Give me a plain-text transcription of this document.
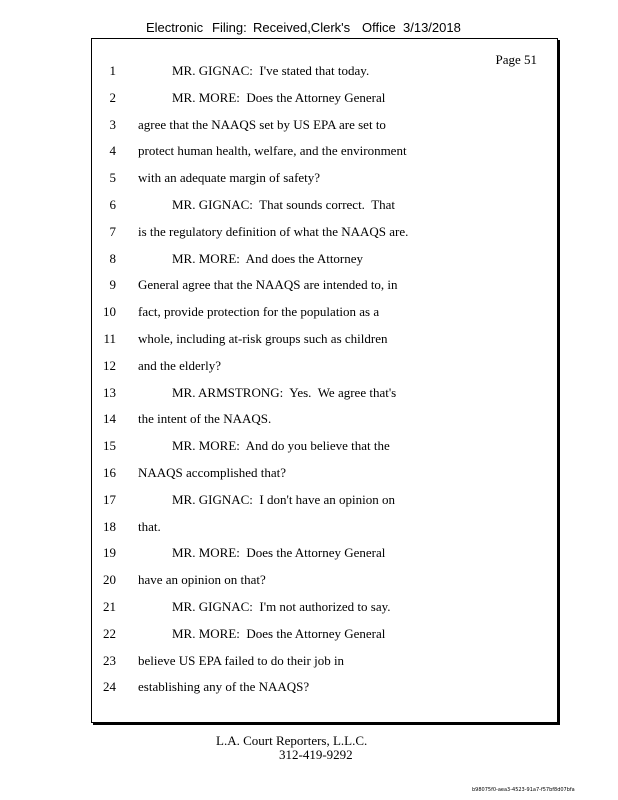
Electronic Filing: Received,Clerk's Office 3/13/2018
Page 51
1	MR. GIGNAC:  I've stated that today.
2	MR. MORE:  Does the Attorney General
3 agree that the NAAQS set by US EPA are set to
4 protect human health, welfare, and the environment
5 with an adequate margin of safety?
6	MR. GIGNAC:  That sounds correct.  That
7 is the regulatory definition of what the NAAQS are.
8	MR. MORE:  And does the Attorney
9 General agree that the NAAQS are intended to, in
10 fact, provide protection for the population as a
11 whole, including at-risk groups such as children
12 and the elderly?
13	MR. ARMSTRONG:  Yes.  We agree that's
14 the intent of the NAAQS.
15	MR. MORE:  And do you believe that the
16 NAAQS accomplished that?
17	MR. GIGNAC:  I don't have an opinion on
18 that.
19	MR. MORE:  Does the Attorney General
20 have an opinion on that?
21	MR. GIGNAC:  I'm not authorized to say.
22	MR. MORE:  Does the Attorney General
23 believe US EPA failed to do their job in
24 establishing any of the NAAQS?
L.A. Court Reporters, L.L.C.
312-419-9292
b98075f0-aea3-4523-91a7-f57bf8d07bfa
